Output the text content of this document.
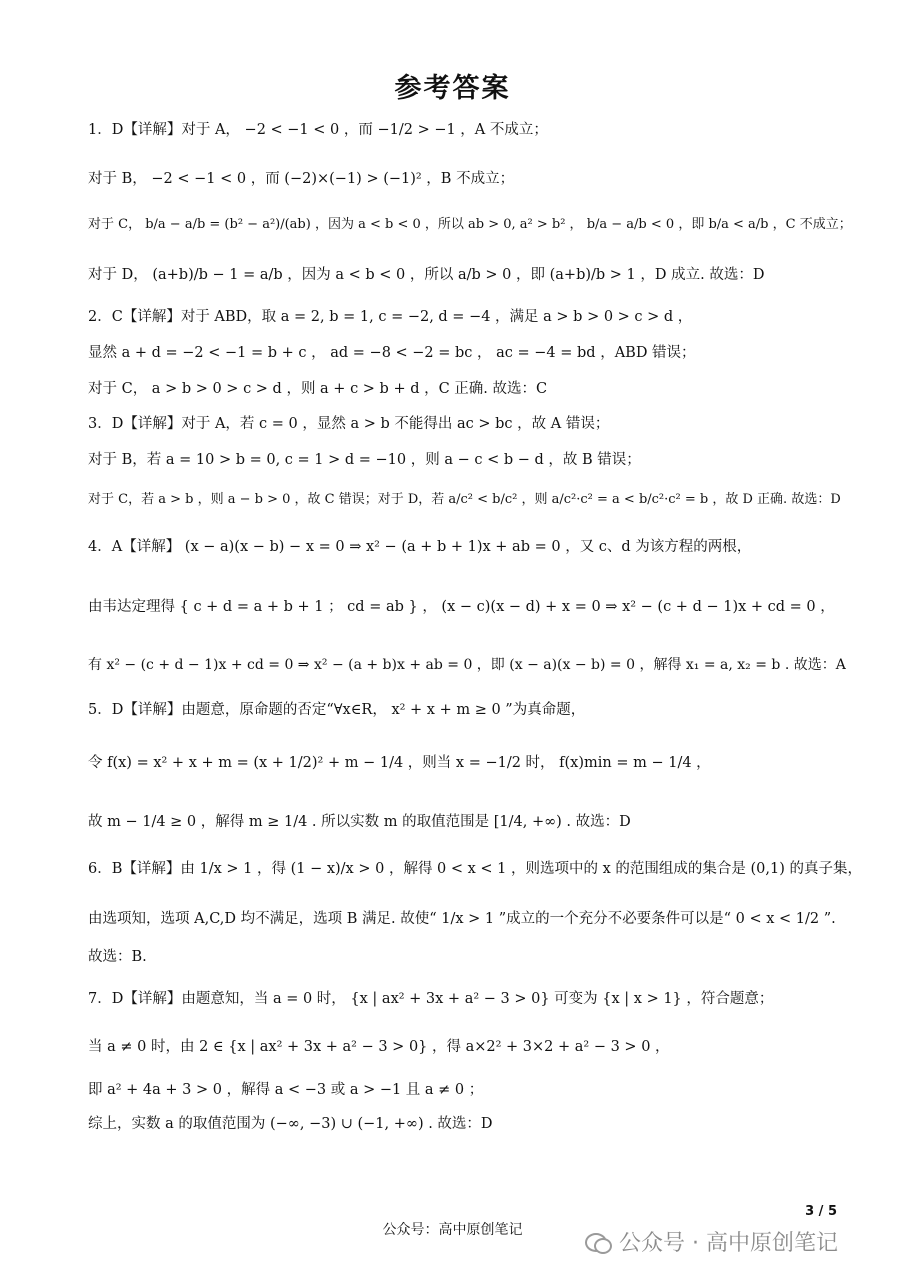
参考答案
1．D【详解】对于 A， −2 < −1 < 0 ，而 −1/2 > −1 ，A 不成立；
对于 B， −2 < −1 < 0 ，而 (−2)×(−1) > (−1)² ，B 不成立；
对于 C， b/a − a/b = (b² − a²)/(ab) ，因为 a < b < 0 ，所以 ab > 0, a² > b² ， b/a − a/b < 0 ，即 b/a < a/b ，C 不成立；
对于 D， (a+b)/b − 1 = a/b ，因为 a < b < 0 ，所以 a/b > 0 ，即 (a+b)/b > 1 ，D 成立. 故选：D
2．C【详解】对于 ABD，取 a = 2, b = 1, c = −2, d = −4 ，满足 a > b > 0 > c > d ，
显然 a + d = −2 < −1 = b + c ， ad = −8 < −2 = bc ， ac = −4 = bd ，ABD 错误；
对于 C， a > b > 0 > c > d ，则 a + c > b + d ，C 正确. 故选：C
3．D【详解】对于 A，若 c = 0 ，显然 a > b 不能得出 ac > bc ，故 A 错误；
对于 B，若 a = 10 > b = 0, c = 1 > d = −10 ，则 a − c < b − d ，故 B 错误；
对于 C，若 a > b ，则 a − b > 0 ，故 C 错误；对于 D，若 a/c² < b/c² ，则 a/c²·c² = a < b/c²·c² = b ，故 D 正确. 故选：D
4．A【详解】 (x − a)(x − b) − x = 0 ⇒ x² − (a + b + 1)x + ab = 0 ，又 c、d 为该方程的两根，
由韦达定理得 { c + d = a + b + 1 ； cd = ab } ， (x − c)(x − d) + x = 0 ⇒ x² − (c + d − 1)x + cd = 0 ，
有 x² − (c + d − 1)x + cd = 0 ⇒ x² − (a + b)x + ab = 0 ，即 (x − a)(x − b) = 0 ，解得 x₁ = a, x₂ = b . 故选：A
5．D【详解】由题意，原命题的否定“∀x∈R， x² + x + m ≥ 0 ”为真命题，
令 f(x) = x² + x + m = (x + 1/2)² + m − 1/4 ，则当 x = −1/2 时， f(x)min = m − 1/4 ，
故 m − 1/4 ≥ 0 ，解得 m ≥ 1/4 . 所以实数 m 的取值范围是 [1/4, +∞) . 故选：D
6．B【详解】由 1/x > 1 ，得 (1 − x)/x > 0 ，解得 0 < x < 1 ，则选项中的 x 的范围组成的集合是 (0,1) 的真子集，
由选项知，选项 A,C,D 均不满足，选项 B 满足. 故使“ 1/x > 1 ”成立的一个充分不必要条件可以是“ 0 < x < 1/2 ”.
故选：B.
7．D【详解】由题意知，当 a = 0 时， {x | ax² + 3x + a² − 3 > 0} 可变为 {x | x > 1} ，符合题意；
当 a ≠ 0 时，由 2 ∈ {x | ax² + 3x + a² − 3 > 0} ，得 a×2² + 3×2 + a² − 3 > 0 ，
即 a² + 4a + 3 > 0 ，解得 a < −3 或 a > −1 且 a ≠ 0 ；
综上，实数 a 的取值范围为 (−∞, −3) ∪ (−1, +∞) . 故选：D
3 / 5
公众号：高中原创笔记
公众号 · 高中原创笔记
